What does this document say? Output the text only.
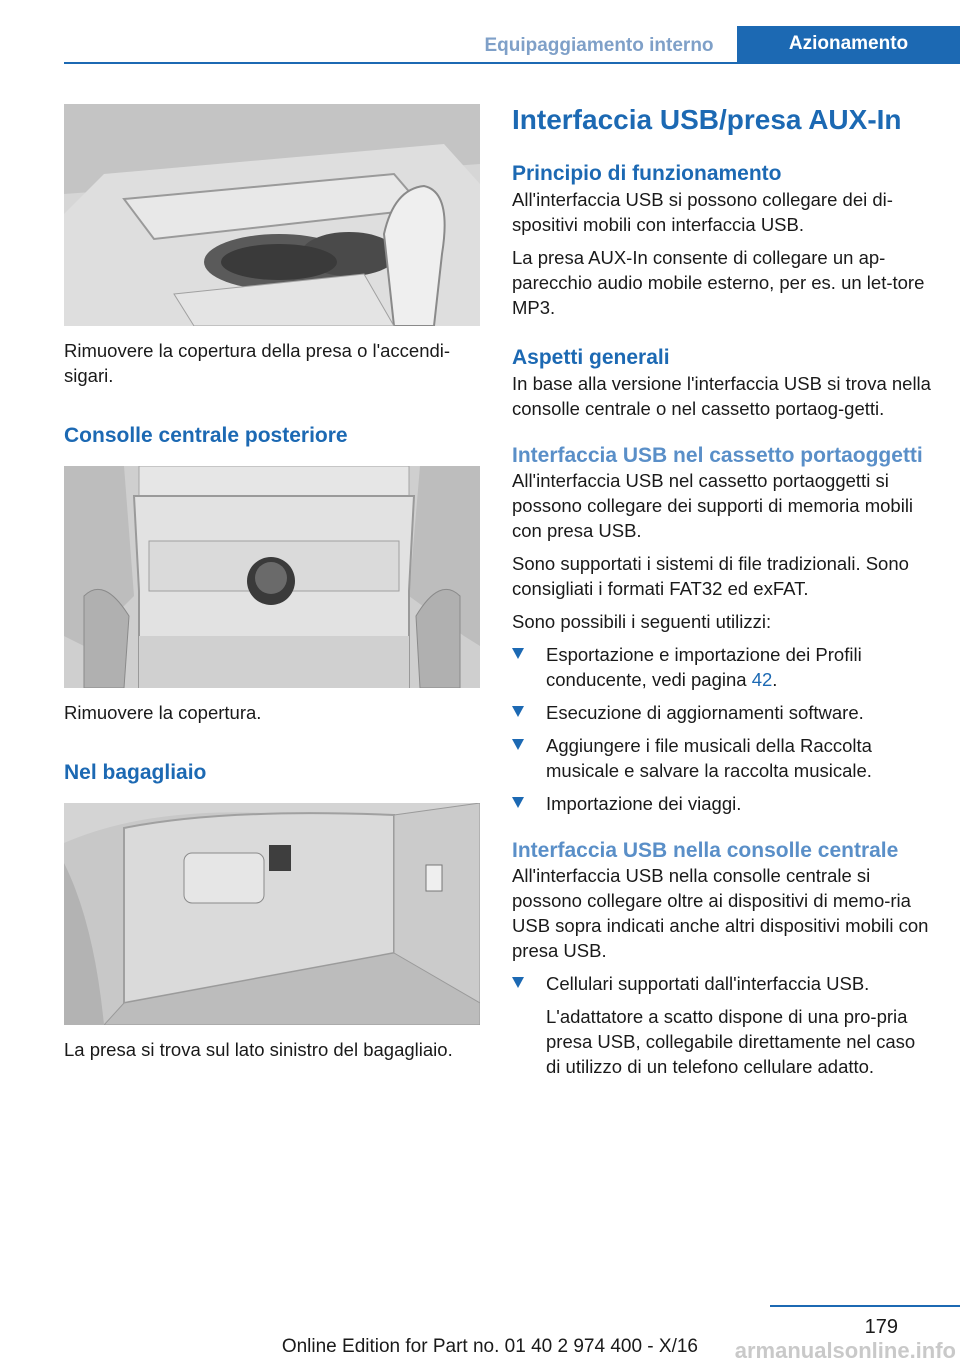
Equipaggiamento interno	Azionamento

Rimuovere la copertura della presa o l'accendi‐sigari.

Consolle centrale posteriore

Rimuovere la copertura.

Nel bagagliaio

La presa si trova sul lato sinistro del bagagliaio.

Interfaccia USB/presa AUX-In
Principio di funzionamento

All'interfaccia USB si possono collegare dei di‐spositivi mobili con interfaccia USB.

La presa AUX-In consente di collegare un ap‐parecchio audio mobile esterno, per es. un let‐tore MP3.

Aspetti generali

In base alla versione l'interfaccia USB si trova nella consolle centrale o nel cassetto portaog‐getti.

Interfaccia USB nel cassetto portaoggetti

All'interfaccia USB nel cassetto portaoggetti si possono collegare dei supporti di memoria mobili con presa USB.

Sono supportati i sistemi di file tradizionali. Sono consigliati i formati FAT32 ed exFAT.

Sono possibili i seguenti utilizzi:

Esportazione e importazione dei Profili conducente, vedi pagina 42.
Esecuzione di aggiornamenti software.
Aggiungere i file musicali della Raccolta musicale e salvare la raccolta musicale.
Importazione dei viaggi.
Interfaccia USB nella consolle centrale

All'interfaccia USB nella consolle centrale si possono collegare oltre ai dispositivi di memo‐ria USB sopra indicati anche altri dispositivi mobili con presa USB.

Cellulari supportati dall'interfaccia USB.
L'adattatore a scatto dispone di una pro‐pria presa USB, collegabile direttamente nel caso di utilizzo di un telefono cellulare adatto.
179
Online Edition for Part no. 01 40 2 974 400 - X/16 armanualsonline.info
